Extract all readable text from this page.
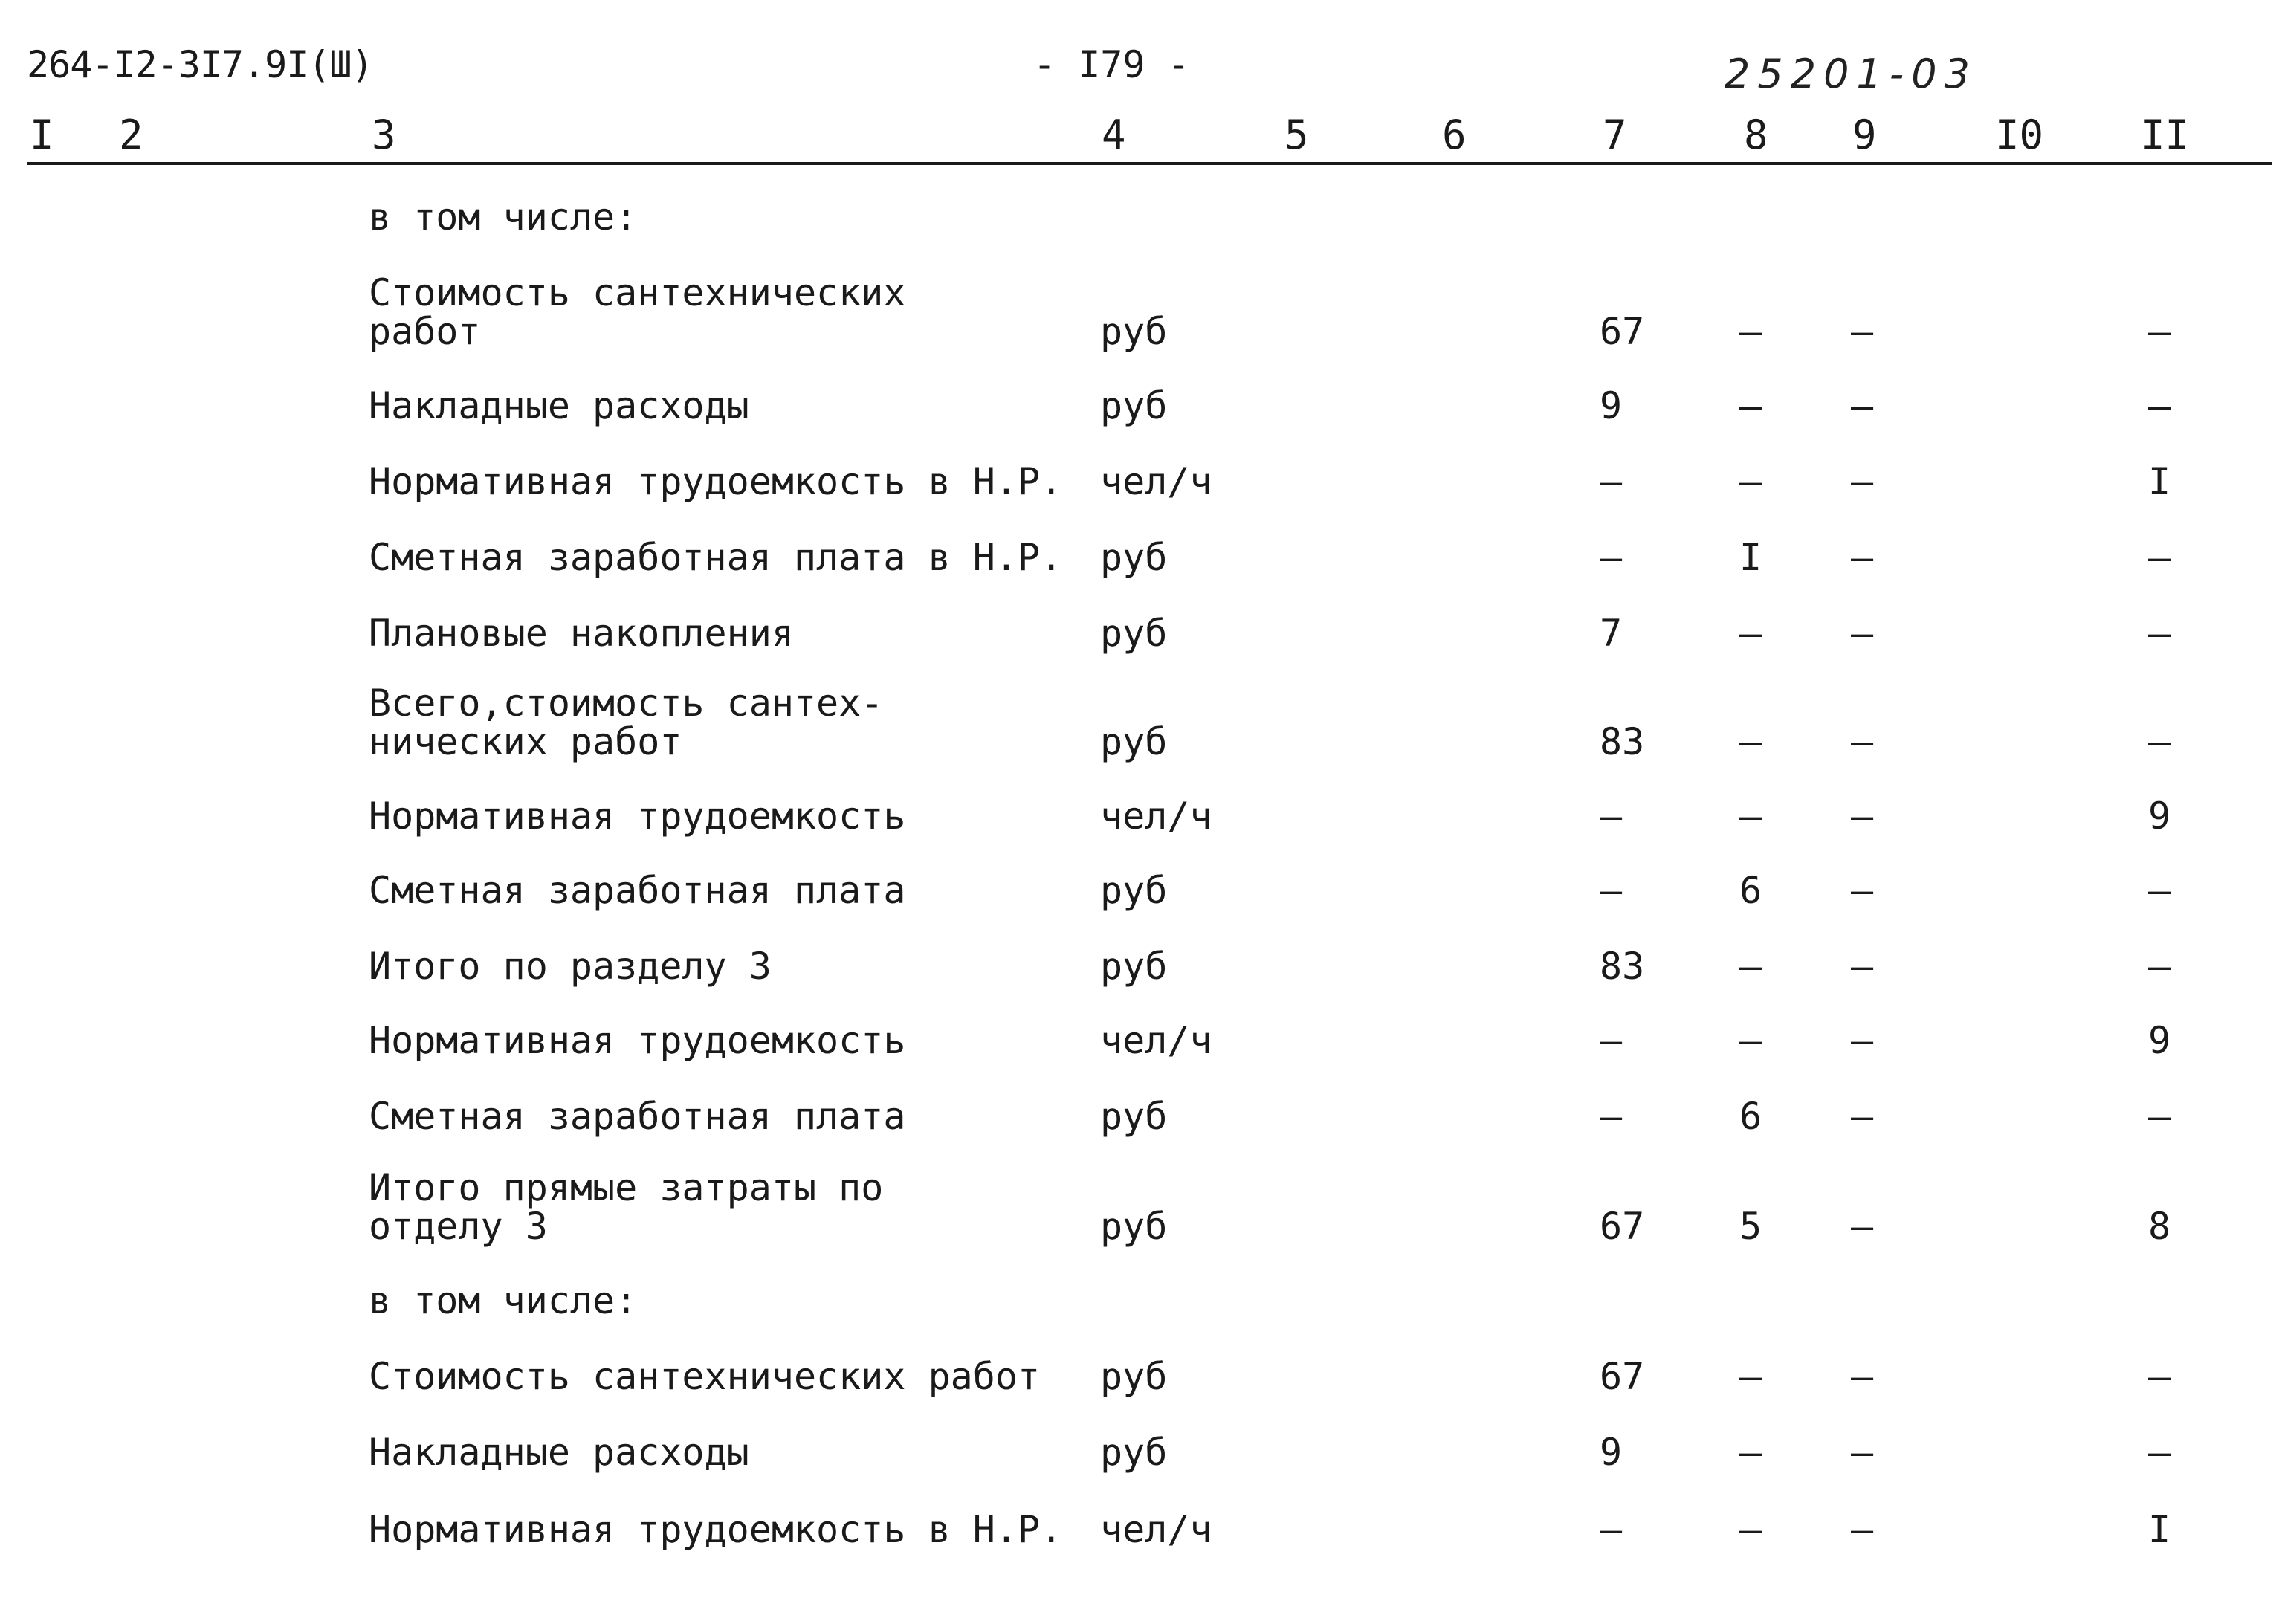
264-I2-3I7.9I(Ш)	- I79 -	25201-03
I 2	3	4	5	6	7	8 9	I0 II
в том числе:
Стоимость сантехнических
работ	руб	67	– –	–
Накладные расходы	руб	9	– –	–
Нормативная трудоемкость в Н.Р. чел/ч	–	– –	I
Сметная заработная плата в Н.Р. руб	–	I –	–
Плановые накопления	руб	7	– –	–
Всего,стоимость сантех-
нических работ	руб	83	– –	–
Нормативная трудоемкость	чел/ч	–	– –	9
Сметная заработная плата	руб	–	6 –	–
Итого по разделу 3	руб	83	– –	–
Нормативная трудоемкость	чел/ч	–	– –	9
Сметная заработная плата	руб	–	6 –	–
Итого прямые затраты по
отделу 3	руб	67	5 –	8
в том числе:
Стоимость сантехнических работ руб	67	– –	–
Накладные расходы	руб	9	– –	–
Нормативная трудоемкость в Н.Р. чел/ч	–	– –	I
